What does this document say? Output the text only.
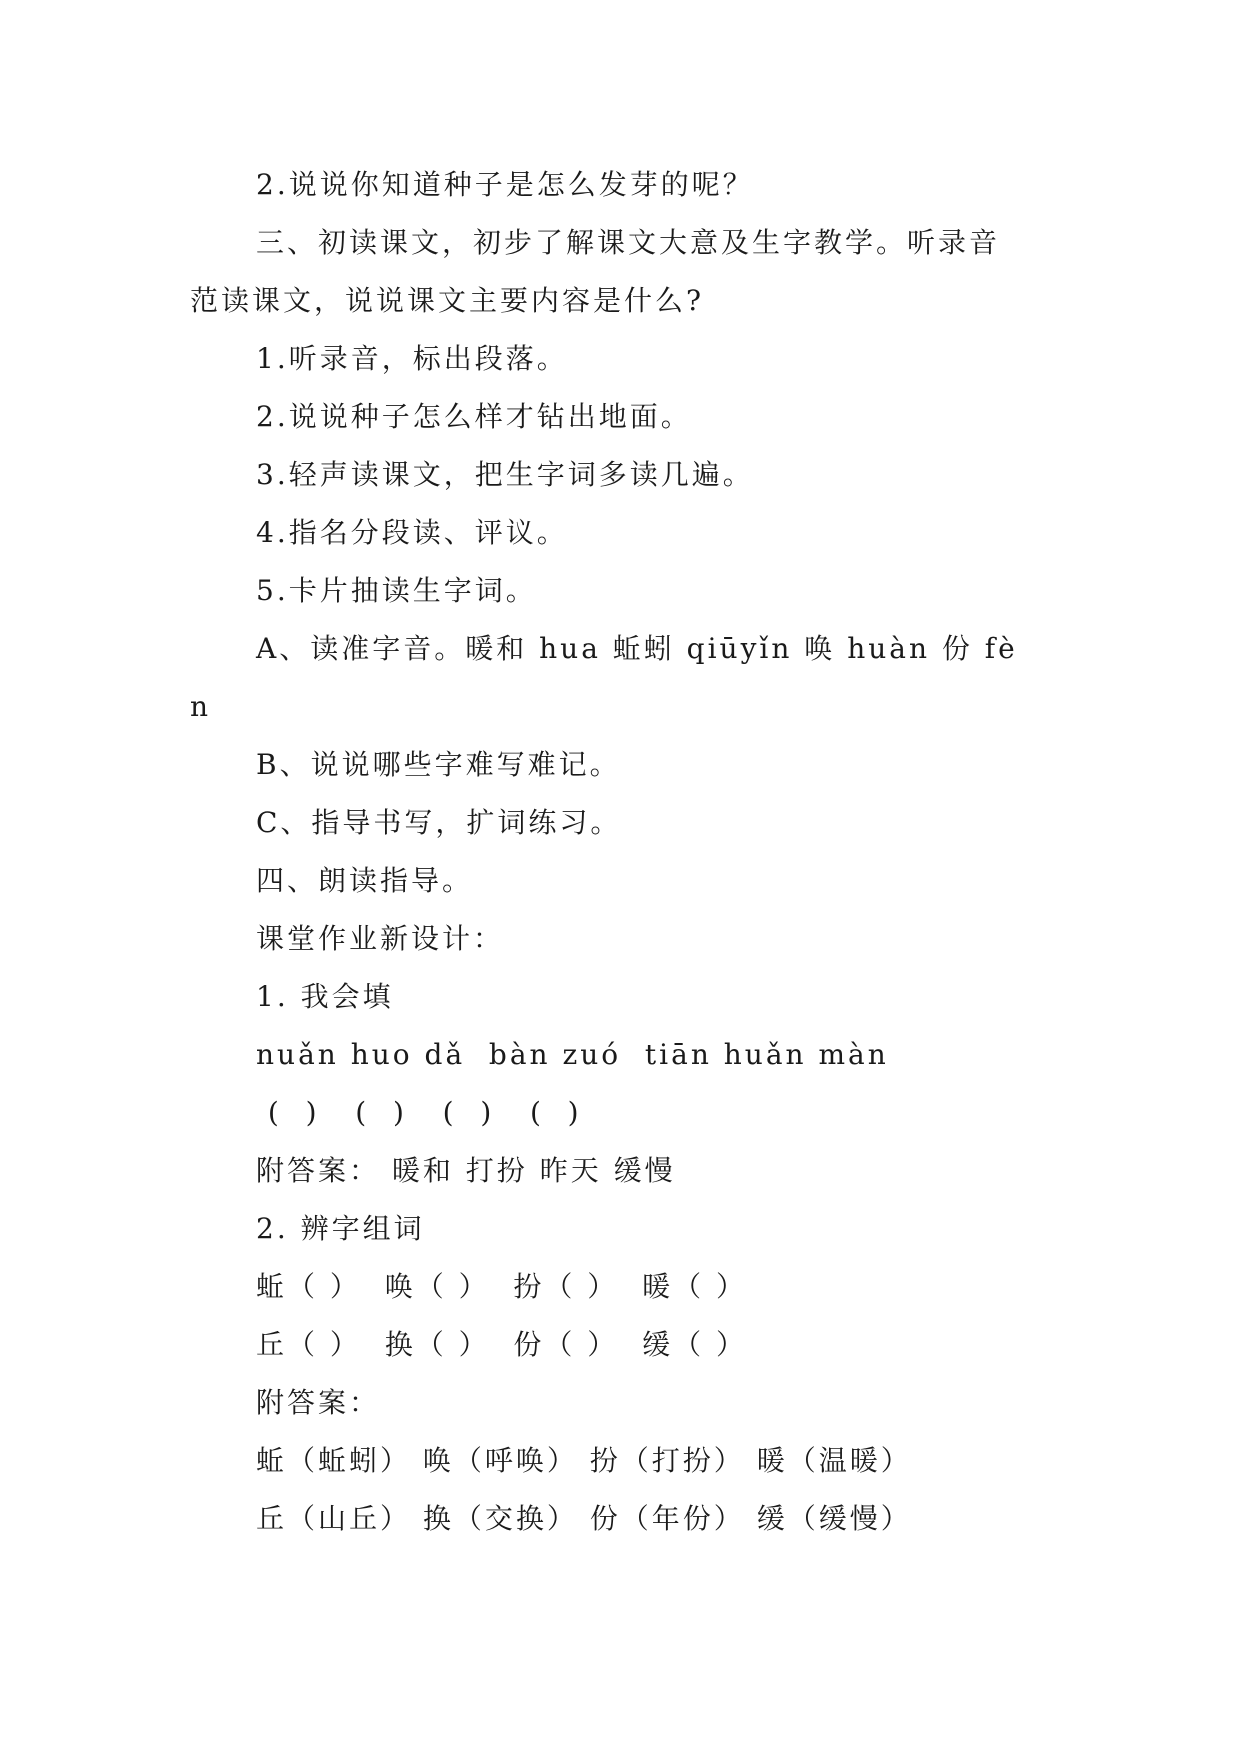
2.说说你知道种子是怎么发芽的呢？
三、初读课文，初步了解课文大意及生字教学。听录音
范读课文，说说课文主要内容是什么?
1.听录音，标出段落。
2.说说种子怎么样才钻出地面。
3.轻声读课文，把生字词多读几遍。
4.指名分段读、评议。
5.卡片抽读生字词。
A、读准字音。暖和 hua 蚯蚓 qiūyǐn 唤 huàn 份 fè
n
B、说说哪些字难写难记。
C、指导书写，扩词练习。
四、朗读指导。
课堂作业新设计：
1. 我会填
nuǎn huo dǎ  bàn zuó  tiān huǎn màn
(  )   (  )   (  )   (  )
附答案： 暖和 打扮 昨天 缓慢
2. 辨字组词
蚯（ ）  唤（ ）  扮（ ）  暖（ ）
丘（ ）  换（ ）  份（ ）  缓（ ）
附答案：
蚯（蚯蚓） 唤（呼唤） 扮（打扮） 暖（温暖）
丘（山丘） 换（交换） 份（年份） 缓（缓慢）
